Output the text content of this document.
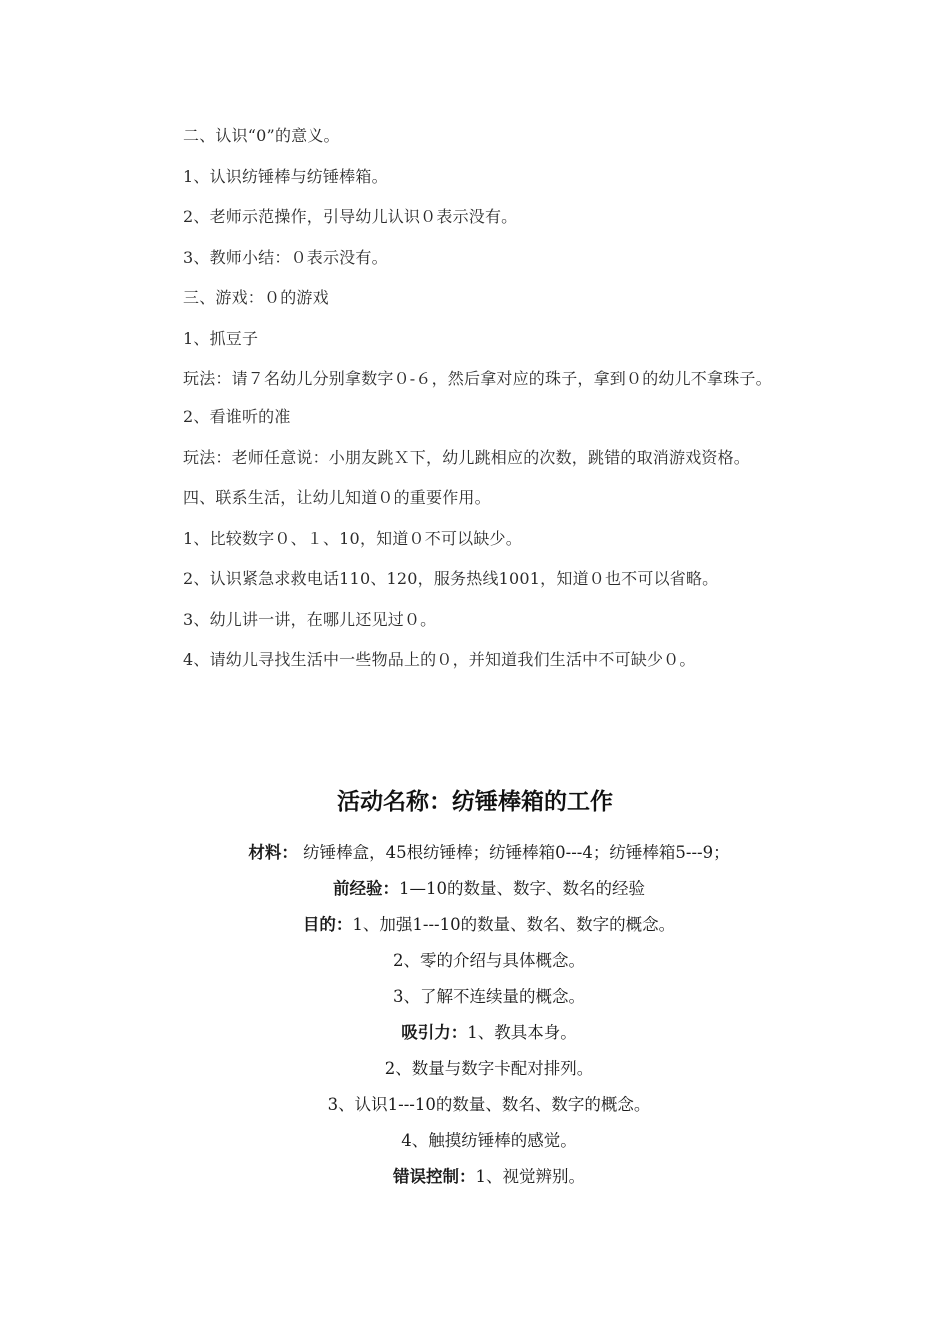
二、认识“0”的意义。

1、认识纺锤棒与纺锤棒箱。

2、老师示范操作，引导幼儿认识０表示没有。

3、教师小结：０表示没有。

三、游戏：０的游戏

1、抓豆子

玩法：请７名幼儿分别拿数字０-６，然后拿对应的珠子，拿到０的幼儿不拿珠子。

2、看谁听的准

玩法：老师任意说：小朋友跳Ｘ下，幼儿跳相应的次数，跳错的取消游戏资格。

四、联系生活，让幼儿知道０的重要作用。

1、比较数字０、１、10，知道０不可以缺少。

2、认识紧急求救电话110、120，服务热线1001，知道０也不可以省略。

3、幼儿讲一讲，在哪儿还见过０。

4、请幼儿寻找生活中一些物品上的０，并知道我们生活中不可缺少０。

活动名称：纺锤棒箱的工作

材料： 纺锤棒盒，45根纺锤棒；纺锤棒箱0---4；纺锤棒箱5---9；

前经验：1—10的数量、数字、数名的经验

目的：1、加强1---10的数量、数名、数字的概念。

2、零的介绍与具体概念。

3、了解不连续量的概念。

吸引力：1、教具本身。

2、数量与数字卡配对排列。

3、认识1---10的数量、数名、数字的概念。

4、触摸纺锤棒的感觉。

错误控制：1、视觉辨别。
